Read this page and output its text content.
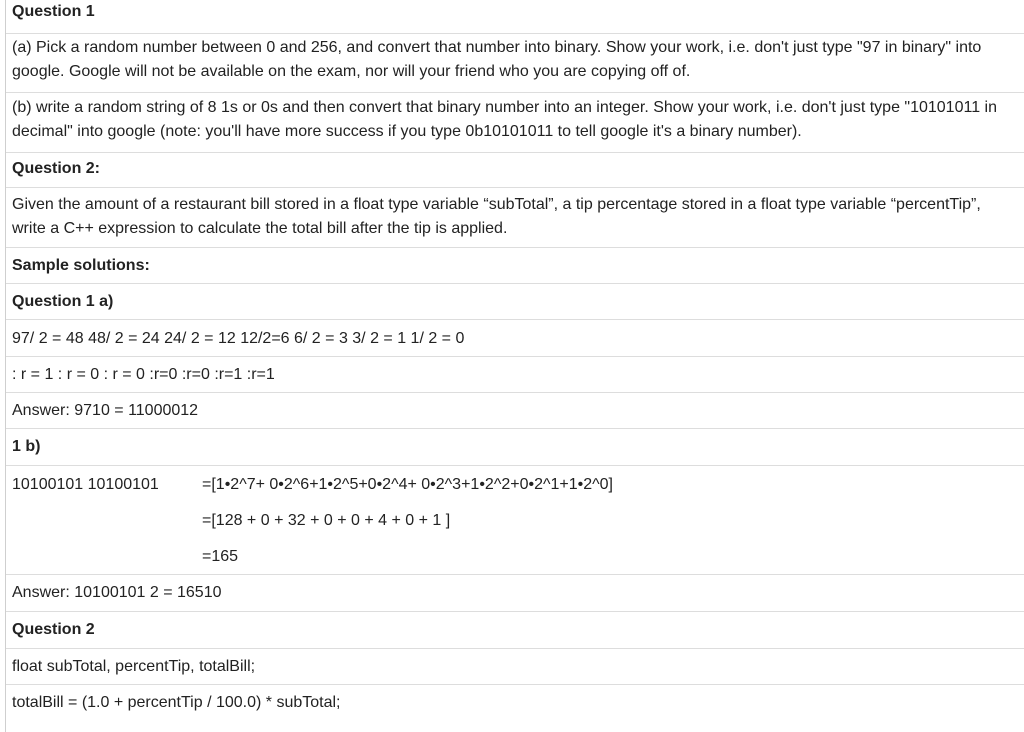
Question 1
(a) Pick a random number between 0 and 256, and convert that number into binary. Show your work, i.e. don't just type "97 in binary" into google. Google will not be available on the exam, nor will your friend who you are copying off of.
(b) write a random string of 8 1s or 0s and then convert that binary number into an integer. Show your work, i.e. don't just type "10101011 in decimal" into google (note: you'll have more success if you type 0b10101011 to tell google it's a binary number).
Question 2:
Given the amount of a restaurant bill stored in a float type variable “subTotal”, a tip percentage stored in a float type variable “percentTip”, write a C++ expression to calculate the total bill after the tip is applied.
Sample solutions:
Question 1 a)
97/ 2 = 48 48/ 2 = 24 24/ 2 = 12 12/2=6 6/ 2 = 3 3/ 2 = 1 1/ 2 = 0
: r = 1 : r = 0 : r = 0 :r=0 :r=0 :r=1 :r=1
Answer: 9710 = 11000012
1 b)
10100101 10100101	=[1•2^7+ 0•2^6+1•2^5+0•2^4+ 0•2^3+1•2^2+0•2^1+1•2^0]
=[128 + 0 + 32 + 0 + 0 + 4 + 0 + 1 ]
=165
Answer: 10100101 2 = 16510
Question 2
float subTotal, percentTip, totalBill;
totalBill = (1.0 + percentTip / 100.0) * subTotal;
